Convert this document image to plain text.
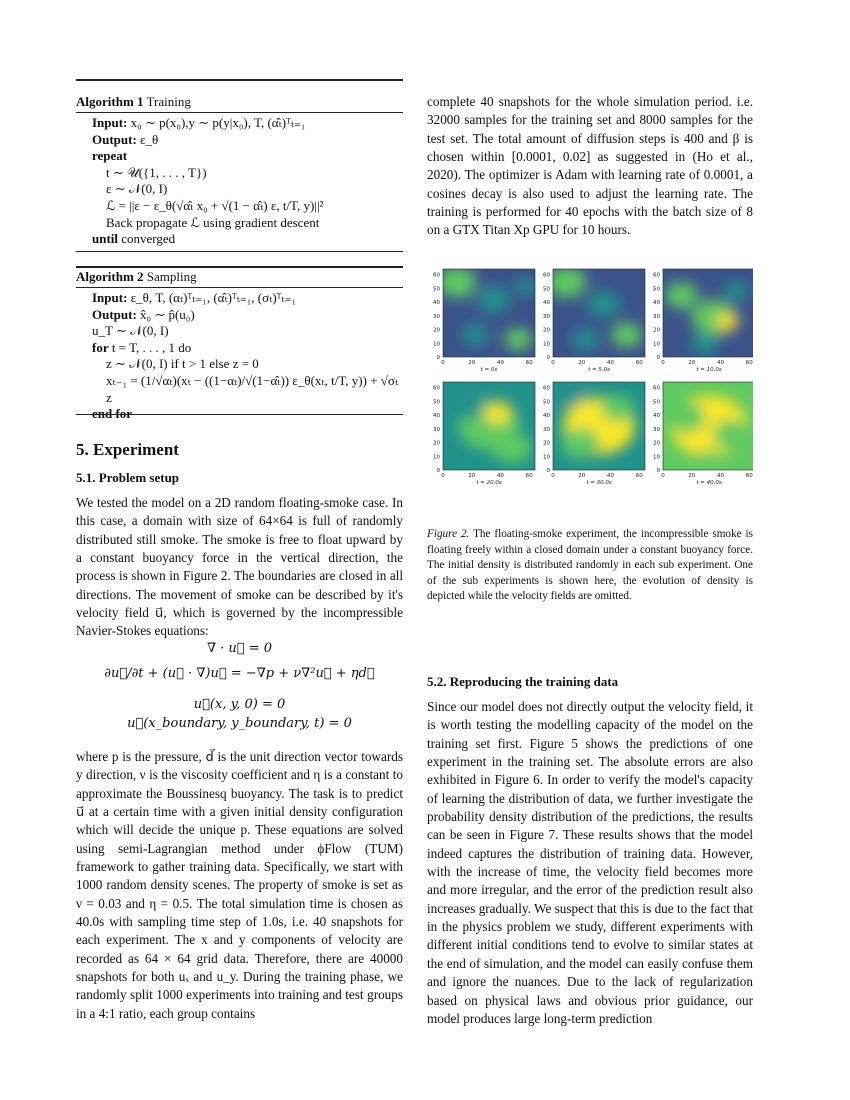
Algorithm 1 Training
Input: x₀ ∼ p(x₀),y ∼ p(y|x₀), T, (α̂ₜ)ᵀₜ₌₁
Output: ε_θ
repeat
t ∼ 𝒰({1, . . . , T})
ε ∼ 𝒩(0, I)
ℒ = ||ε − ε_θ(√α̂ₜ x₀ + √(1 − α̂ₜ) ε, t/T, y)||²
Back propagate ℒ using gradient descent
until converged
Algorithm 2 Sampling
Input: ε_θ, T, (αₜ)ᵀₜ₌₁, (α̂ₜ)ᵀₜ₌₁, (σₜ)ᵀₜ₌₁
Output: x̂₀ ∼ p̂(u₀)
u_T ∼ 𝒩(0, I)
for t = T, . . . , 1 do
z ∼ 𝒩(0, I) if t > 1 else z = 0
xₜ₋₁ = (1/√αₜ)(xₜ − ((1−αₜ)/√(1−α̂ₜ)) ε_θ(xₜ, t/T, y)) + √σₜ z
end for
5. Experiment
5.1. Problem setup

We tested the model on a 2D random floating-smoke case. In this case, a domain with size of 64×64 is full of randomly distributed still smoke. The smoke is free to float upward by a constant buoyancy force in the vertical direction, the process is shown in Figure 2. The boundaries are closed in all directions. The movement of smoke can be described by it's velocity field u⃗, which is governed by the incompressible Navier-Stokes equations:

∇ · u⃗ = 0
∂u⃗/∂t + (u⃗ · ∇)u⃗ = −∇p + ν∇²u⃗ + ηd⃗
u⃗(x, y, 0) = 0
u⃗(x_boundary, y_boundary, t) = 0

where p is the pressure, d⃗ is the unit direction vector towards y direction, ν is the viscosity coefficient and η is a constant to approximate the Boussinesq buoyancy. The task is to predict u⃗ at a certain time with a given initial density configuration which will decide the unique p. These equations are solved using semi-Lagrangian method under ϕFlow (TUM) framework to gather training data. Specifically, we start with 1000 random density scenes. The property of smoke is set as ν = 0.03 and η = 0.5. The total simulation time is chosen as 40.0s with sampling time step of 1.0s, i.e. 40 snapshots for each experiment. The x and y components of velocity are recorded as 64 × 64 grid data. Therefore, there are 40000 snapshots for both uₓ and u_y. During the training phase, we randomly split 1000 experiments into training and test groups in a 4:1 ratio, each group contains

complete 40 snapshots for the whole simulation period. i.e. 32000 samples for the training set and 8000 samples for the test set. The total amount of diffusion steps is 400 and β is chosen within [0.0001, 0.02] as suggested in (Ho et al., 2020). The optimizer is Adam with learning rate of 0.0001, a cosines decay is also used to adjust the learning rate. The training is performed for 40 epochs with the batch size of 8 on a GTX Titan Xp GPU for 10 hours.

60
50
40
30
20
10
0
0	20	40	60
t = 0s
60
50
40
30
20
10
0
0	20	40	60
t = 5.0s
60
50
40
30
20
10
0
0	20	40	60
t = 10.0s
60
50
40
30
20
10
0
0	20	40	60
t = 20.0s
60
50
40
30
20
10
0
0	20	40	60
t = 30.0s
60
50
40
30
20
10
0
0	20	40	60
t = 40.0s
Figure 2. The floating-smoke experiment, the incompressible smoke is floating freely within a closed domain under a constant buoyancy force. The initial density is distributed randomly in each sub experiment. One of the sub experiments is shown here, the evolution of density is depicted while the velocity fields are omitted.
5.2. Reproducing the training data

Since our model does not directly output the velocity field, it is worth testing the modelling capacity of the model on the training set first. Figure 5 shows the predictions of one experiment in the training set. The absolute errors are also exhibited in Figure 6. In order to verify the model's capacity of learning the distribution of data, we further investigate the probability density distribution of the predictions, the results can be seen in Figure 7. These results shows that the model indeed captures the distribution of training data. However, with the increase of time, the velocity field becomes more and more irregular, and the error of the prediction result also increases gradually. We suspect that this is due to the fact that in the physics problem we study, different experiments with different initial conditions tend to evolve to similar states at the end of simulation, and the model can easily confuse them and ignore the nuances. Due to the lack of regularization based on physical laws and obvious prior guidance, our model produces large long-term prediction
